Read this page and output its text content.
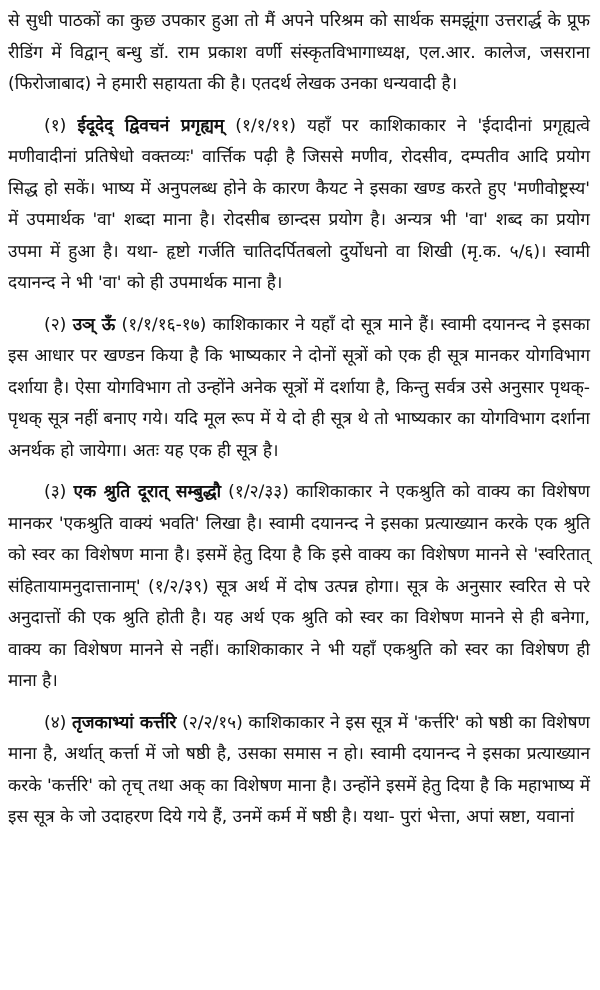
से सुधी पाठकों का कुछ उपकार हुआ तो मैं अपने परिश्रम को सार्थक समझूंगा उत्तरार्द्ध के प्रूफ रीडिंग में विद्वान् बन्धु डॉ. राम प्रकाश वर्णी संस्कृतविभागाध्यक्ष, एल.आर. कालेज, जसराना (फिरोजाबाद) ने हमारी सहायता की है। एतदर्थ लेखक उनका धन्यवादी है।

(१) ईदूदेद् द्विवचनं प्रगृह्यम् (१/१/११) यहाँ पर काशिकाकार ने 'ईदादीनां प्रगृह्यत्वे मणीवादीनां प्रतिषेधो वक्तव्यः' वार्त्तिक पढ़ी है जिससे मणीव, रोदसीव, दम्पतीव आदि प्रयोग सिद्ध हो सकें। भाष्य में अनुपलब्ध होने के कारण कैयट ने इसका खण्ड करते हुए 'मणीवोष्ट्रस्य' में उपमार्थक 'वा' शब्दा माना है। रोदसीब छान्दस प्रयोग है। अन्यत्र भी 'वा' शब्द का प्रयोग उपमा में हुआ है। यथा- हृष्टो गर्जति चातिदर्पितबलो दुर्योधनो वा शिखी (मृ.क. ५/६)। स्वामी दयानन्द ने भी 'वा' को ही उपमार्थक माना है।

(२) उञ् ऊँ (१/१/१६-१७) काशिकाकार ने यहाँ दो सूत्र माने हैं। स्वामी दयानन्द ने इसका इस आधार पर खण्डन किया है कि भाष्यकार ने दोनों सूत्रों को एक ही सूत्र मानकर योगविभाग दर्शाया है। ऐसा योगविभाग तो उन्होंने अनेक सूत्रों में दर्शाया है, किन्तु सर्वत्र उसे अनुसार पृथक्-पृथक् सूत्र नहीं बनाए गये। यदि मूल रूप में ये दो ही सूत्र थे तो भाष्यकार का योगविभाग दर्शाना अनर्थक हो जायेगा। अतः यह एक ही सूत्र है।

(३) एक श्रुति दूरात् सम्बुद्धौ (१/२/३३) काशिकाकार ने एकश्रुति को वाक्य का विशेषण मानकर 'एकश्रुति वाक्यं भवति' लिखा है। स्वामी दयानन्द ने इसका प्रत्याख्यान करके एक श्रुति को स्वर का विशेषण माना है। इसमें हेतु दिया है कि इसे वाक्य का विशेषण मानने से 'स्वरितात् संहितायामनुदात्तानाम्' (१/२/३९) सूत्र अर्थ में दोष उत्पन्न होगा। सूत्र के अनुसार स्वरित से परे अनुदात्तों की एक श्रुति होती है। यह अर्थ एक श्रुति को स्वर का विशेषण मानने से ही बनेगा, वाक्य का विशेषण मानने से नहीं। काशिकाकार ने भी यहाँ एकश्रुति को स्वर का विशेषण ही माना है।

(४) तृजकाभ्यां कर्त्तरि (२/२/१५) काशिकाकार ने इस सूत्र में 'कर्त्तरि' को षष्ठी का विशेषण माना है, अर्थात् कर्त्ता में जो षष्ठी है, उसका समास न हो। स्वामी दयानन्द ने इसका प्रत्याख्यान करके 'कर्त्तरि' को तृच् तथा अक् का विशेषण माना है। उन्होंने इसमें हेतु दिया है कि महाभाष्य में इस सूत्र के जो उदाहरण दिये गये हैं, उनमें कर्म में षष्ठी है। यथा- पुरां भेत्ता, अपां स्रष्टा, यवानां
